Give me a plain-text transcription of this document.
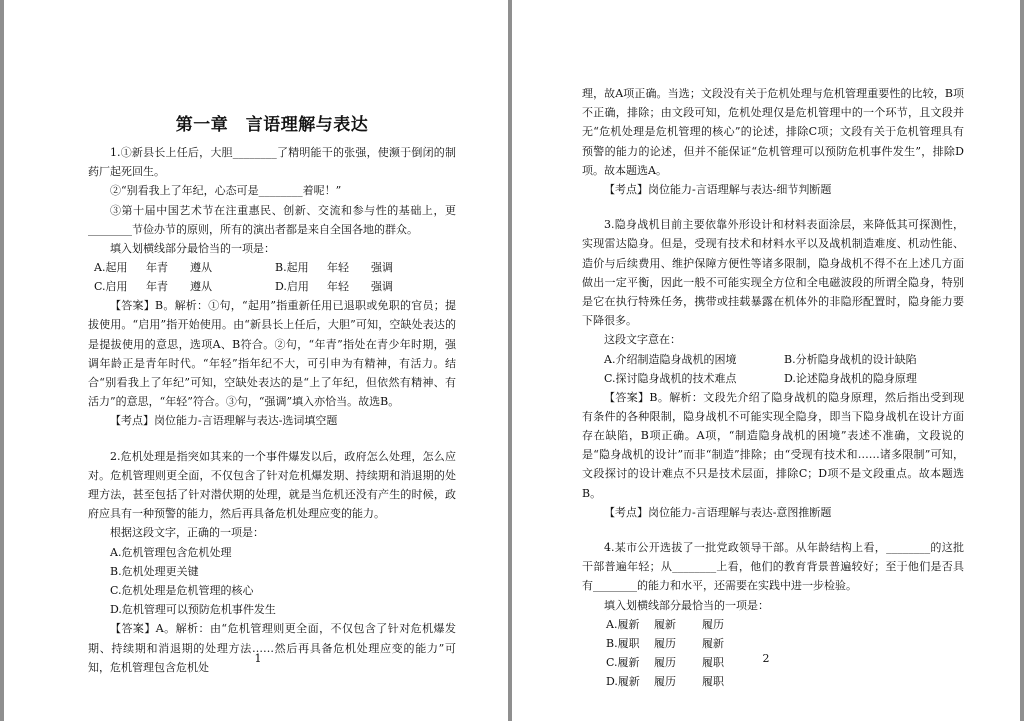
第一章　言语理解与表达

1.①新县长上任后，大胆________了精明能干的张强，使濒于倒闭的制药厂起死回生。

②“别看我上了年纪，心态可是________着呢！”

③第十届中国艺术节在注重惠民、创新、交流和参与性的基础上，更________节俭办节的原则，所有的演出者都是来自全国各地的群众。

填入划横线部分最恰当的一项是：

A.起用	年青	遵从	B.起用	年轻	强调
C.启用	年青	遵从	D.启用	年轻	强调

【答案】B。解析：①句，“起用”指重新任用已退职或免职的官员；提拔使用。“启用”指开始使用。由“新县长上任后，大胆”可知，空缺处表达的是提拔使用的意思，选项A、B符合。②句，“年青”指处在青少年时期，强调年龄正是青年时代。“年轻”指年纪不大，可引申为有精神，有活力。结合“别看我上了年纪”可知，空缺处表达的是“上了年纪，但依然有精神、有活力”的意思，“年轻”符合。③句，“强调”填入亦恰当。故选B。

【考点】岗位能力-言语理解与表达-选词填空题

2.危机处理是指突如其来的一个事件爆发以后，政府怎么处理，怎么应对。危机管理则更全面，不仅包含了针对危机爆发期、持续期和消退期的处理方法，甚至包括了针对潜伏期的处理，就是当危机还没有产生的时候，政府应具有一种预警的能力，然后再具备危机处理应变的能力。

根据这段文字，正确的一项是：

A.危机管理包含危机处理
B.危机处理更关键
C.危机处理是危机管理的核心
D.危机管理可以预防危机事件发生

【答案】A。解析：由“危机管理则更全面，不仅包含了针对危机爆发期、持续期和消退期的处理方法……然后再具备危机处理应变的能力”可知，危机管理包含危机处

1

理，故A项正确。当选；文段没有关于危机处理与危机管理重要性的比较，B项不正确，排除；由文段可知，危机处理仅是危机管理中的一个环节，且文段并无“危机处理是危机管理的核心”的论述，排除C项；文段有关于危机管理具有预警的能力的论述，但并不能保证“危机管理可以预防危机事件发生”，排除D项。故本题选A。

【考点】岗位能力-言语理解与表达-细节判断题

3.隐身战机目前主要依靠外形设计和材料表面涂层，来降低其可探测性，实现雷达隐身。但是，受现有技术和材料水平以及战机制造难度、机动性能、造价与后续费用、维护保障方便性等诸多限制，隐身战机不得不在上述几方面做出一定平衡，因此一般不可能实现全方位和全电磁波段的所谓全隐身，特别是它在执行特殊任务，携带或挂载暴露在机体外的非隐形配置时，隐身能力要下降很多。

这段文字意在：

A.介绍制造隐身战机的困境	B.分析隐身战机的设计缺陷
C.探讨隐身战机的技术难点	D.论述隐身战机的隐身原理

【答案】B。解析：文段先介绍了隐身战机的隐身原理，然后指出受到现有条件的各种限制，隐身战机不可能实现全隐身，即当下隐身战机在设计方面存在缺陷，B项正确。A项，“制造隐身战机的困境”表述不准确，文段说的是“隐身战机的设计”而非“制造”排除；由“受现有技术和……诸多限制”可知，文段探讨的设计难点不只是技术层面，排除C；D项不是文段重点。故本题选B。

【考点】岗位能力-言语理解与表达-意图推断题

4.某市公开选拔了一批党政领导干部。从年龄结构上看，________的这批干部普遍年轻；从________上看，他们的教育背景普遍较好；至于他们是否具有________的能力和水平，还需要在实践中进一步检验。

填入划横线部分最恰当的一项是：

A.履新	履新	履历
B.履职	履历	履新
C.履新	履历	履职
D.履新	履历	履职
2
